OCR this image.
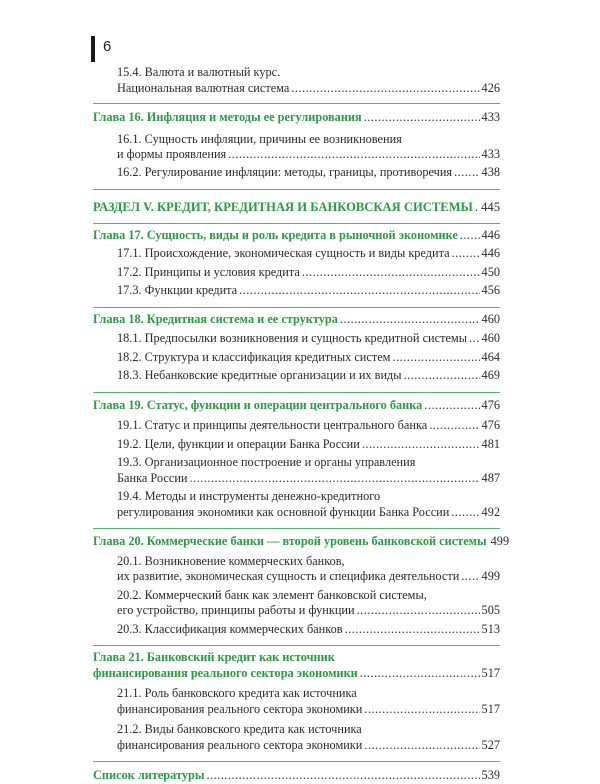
6
15.4. Валюта и валютный курс.
Национальная валютная система .....	426
Глава 16. Инфляция и методы ее регулирования .....	433
16.1. Сущность инфляции, причины ее возникновения
и формы проявления .....	433
16.2. Регулирование инфляции: методы, границы, противоречия ..... 438
РАЗДЕЛ V. КРЕДИТ, КРЕДИТНАЯ И БАНКОВСКАЯ СИСТЕМЫ ..... 445
Глава 17. Сущность, виды и роль кредита в рыночной экономике ..... 446
17.1. Происхождение, экономическая сущность и виды кредита .....	446
17.2. Принципы и условия кредита .....	450
17.3. Функции кредита .....	456
Глава 18. Кредитная система и ее структура .....	460
18.1. Предпосылки возникновения и сущность кредитной системы ..... 460
18.2. Структура и классификация кредитных систем .....	464
18.3. Небанковские кредитные организации и их виды .....	469
Глава 19. Статус, функции и операции центрального банка .....	476
19.1. Статус и принципы деятельности центрального банка .....	476
19.2. Цели, функции и операции Банка России .....	481
19.3. Организационное построение и органы управления
Банка России .....	487
19.4. Методы и инструменты денежно-кредитного
регулирования экономики как основной функции Банка России .....	492
Глава 20. Коммерческие банки — второй уровень банковской системы 499
20.1. Возникновение коммерческих банков,
их развитие, экономическая сущность и специфика деятельности ..... 499
20.2. Коммерческий банк как элемент банковской системы,
его устройство, принципы работы и функции .....	505
20.3. Классификация коммерческих банков .....	513
Глава 21. Банковский кредит как источник
финансирования реального сектора экономики .....	517
21.1. Роль банковского кредита как источника
финансирования реального сектора экономики .....	517
21.2. Виды банковского кредита как источника
финансирования реального сектора экономики .....	527
Список литературы .....	539
